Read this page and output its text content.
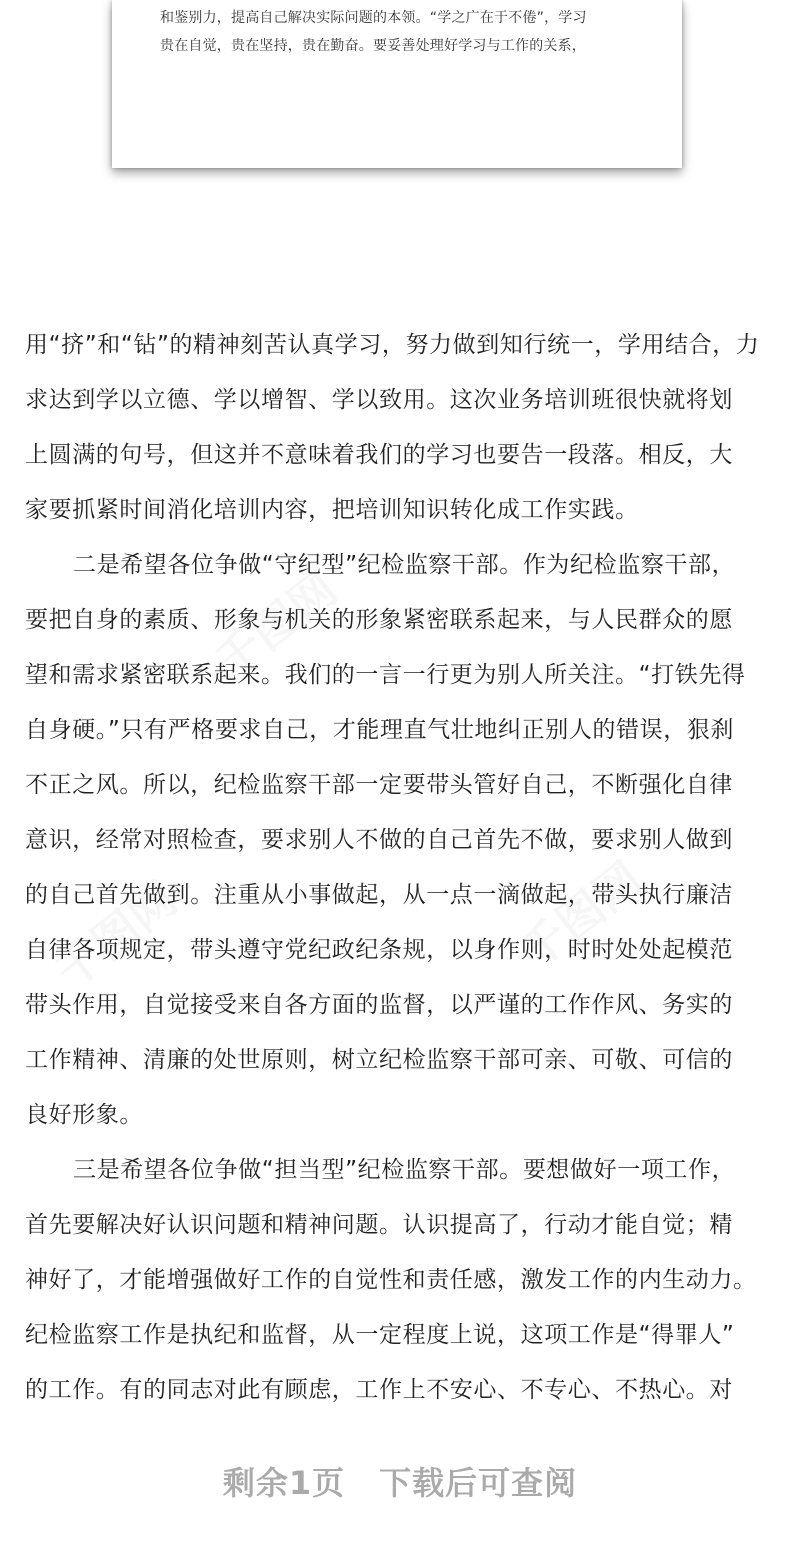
和鉴别力，提高自己解决实际问题的本领。“学之广在于不倦”，学习
贵在自觉，贵在坚持，贵在勤奋。要妥善处理好学习与工作的关系，
用“挤”和“钻”的精神刻苦认真学习，努力做到知行统一，学用结合，力
求达到学以立德、学以增智、学以致用。这次业务培训班很快就将划
上圆满的句号，但这并不意味着我们的学习也要告一段落。相反，大
家要抓紧时间消化培训内容，把培训知识转化成工作实践。
二是希望各位争做“守纪型”纪检监察干部。作为纪检监察干部，
要把自身的素质、形象与机关的形象紧密联系起来，与人民群众的愿
望和需求紧密联系起来。我们的一言一行更为别人所关注。“打铁先得
自身硬。”只有严格要求自己，才能理直气壮地纠正别人的错误，狠刹
不正之风。所以，纪检监察干部一定要带头管好自己，不断强化自律
意识，经常对照检查，要求别人不做的自己首先不做，要求别人做到
的自己首先做到。注重从小事做起，从一点一滴做起，带头执行廉洁
自律各项规定，带头遵守党纪政纪条规，以身作则，时时处处起模范
带头作用，自觉接受来自各方面的监督，以严谨的工作作风、务实的
工作精神、清廉的处世原则，树立纪检监察干部可亲、可敬、可信的
良好形象。
三是希望各位争做“担当型”纪检监察干部。要想做好一项工作，
首先要解决好认识问题和精神问题。认识提高了，行动才能自觉；精
神好了，才能增强做好工作的自觉性和责任感，激发工作的内生动力。
纪检监察工作是执纪和监督，从一定程度上说，这项工作是“得罪人”
的工作。有的同志对此有顾虑，工作上不安心、不专心、不热心。对
剩余1页 下载后可查阅
